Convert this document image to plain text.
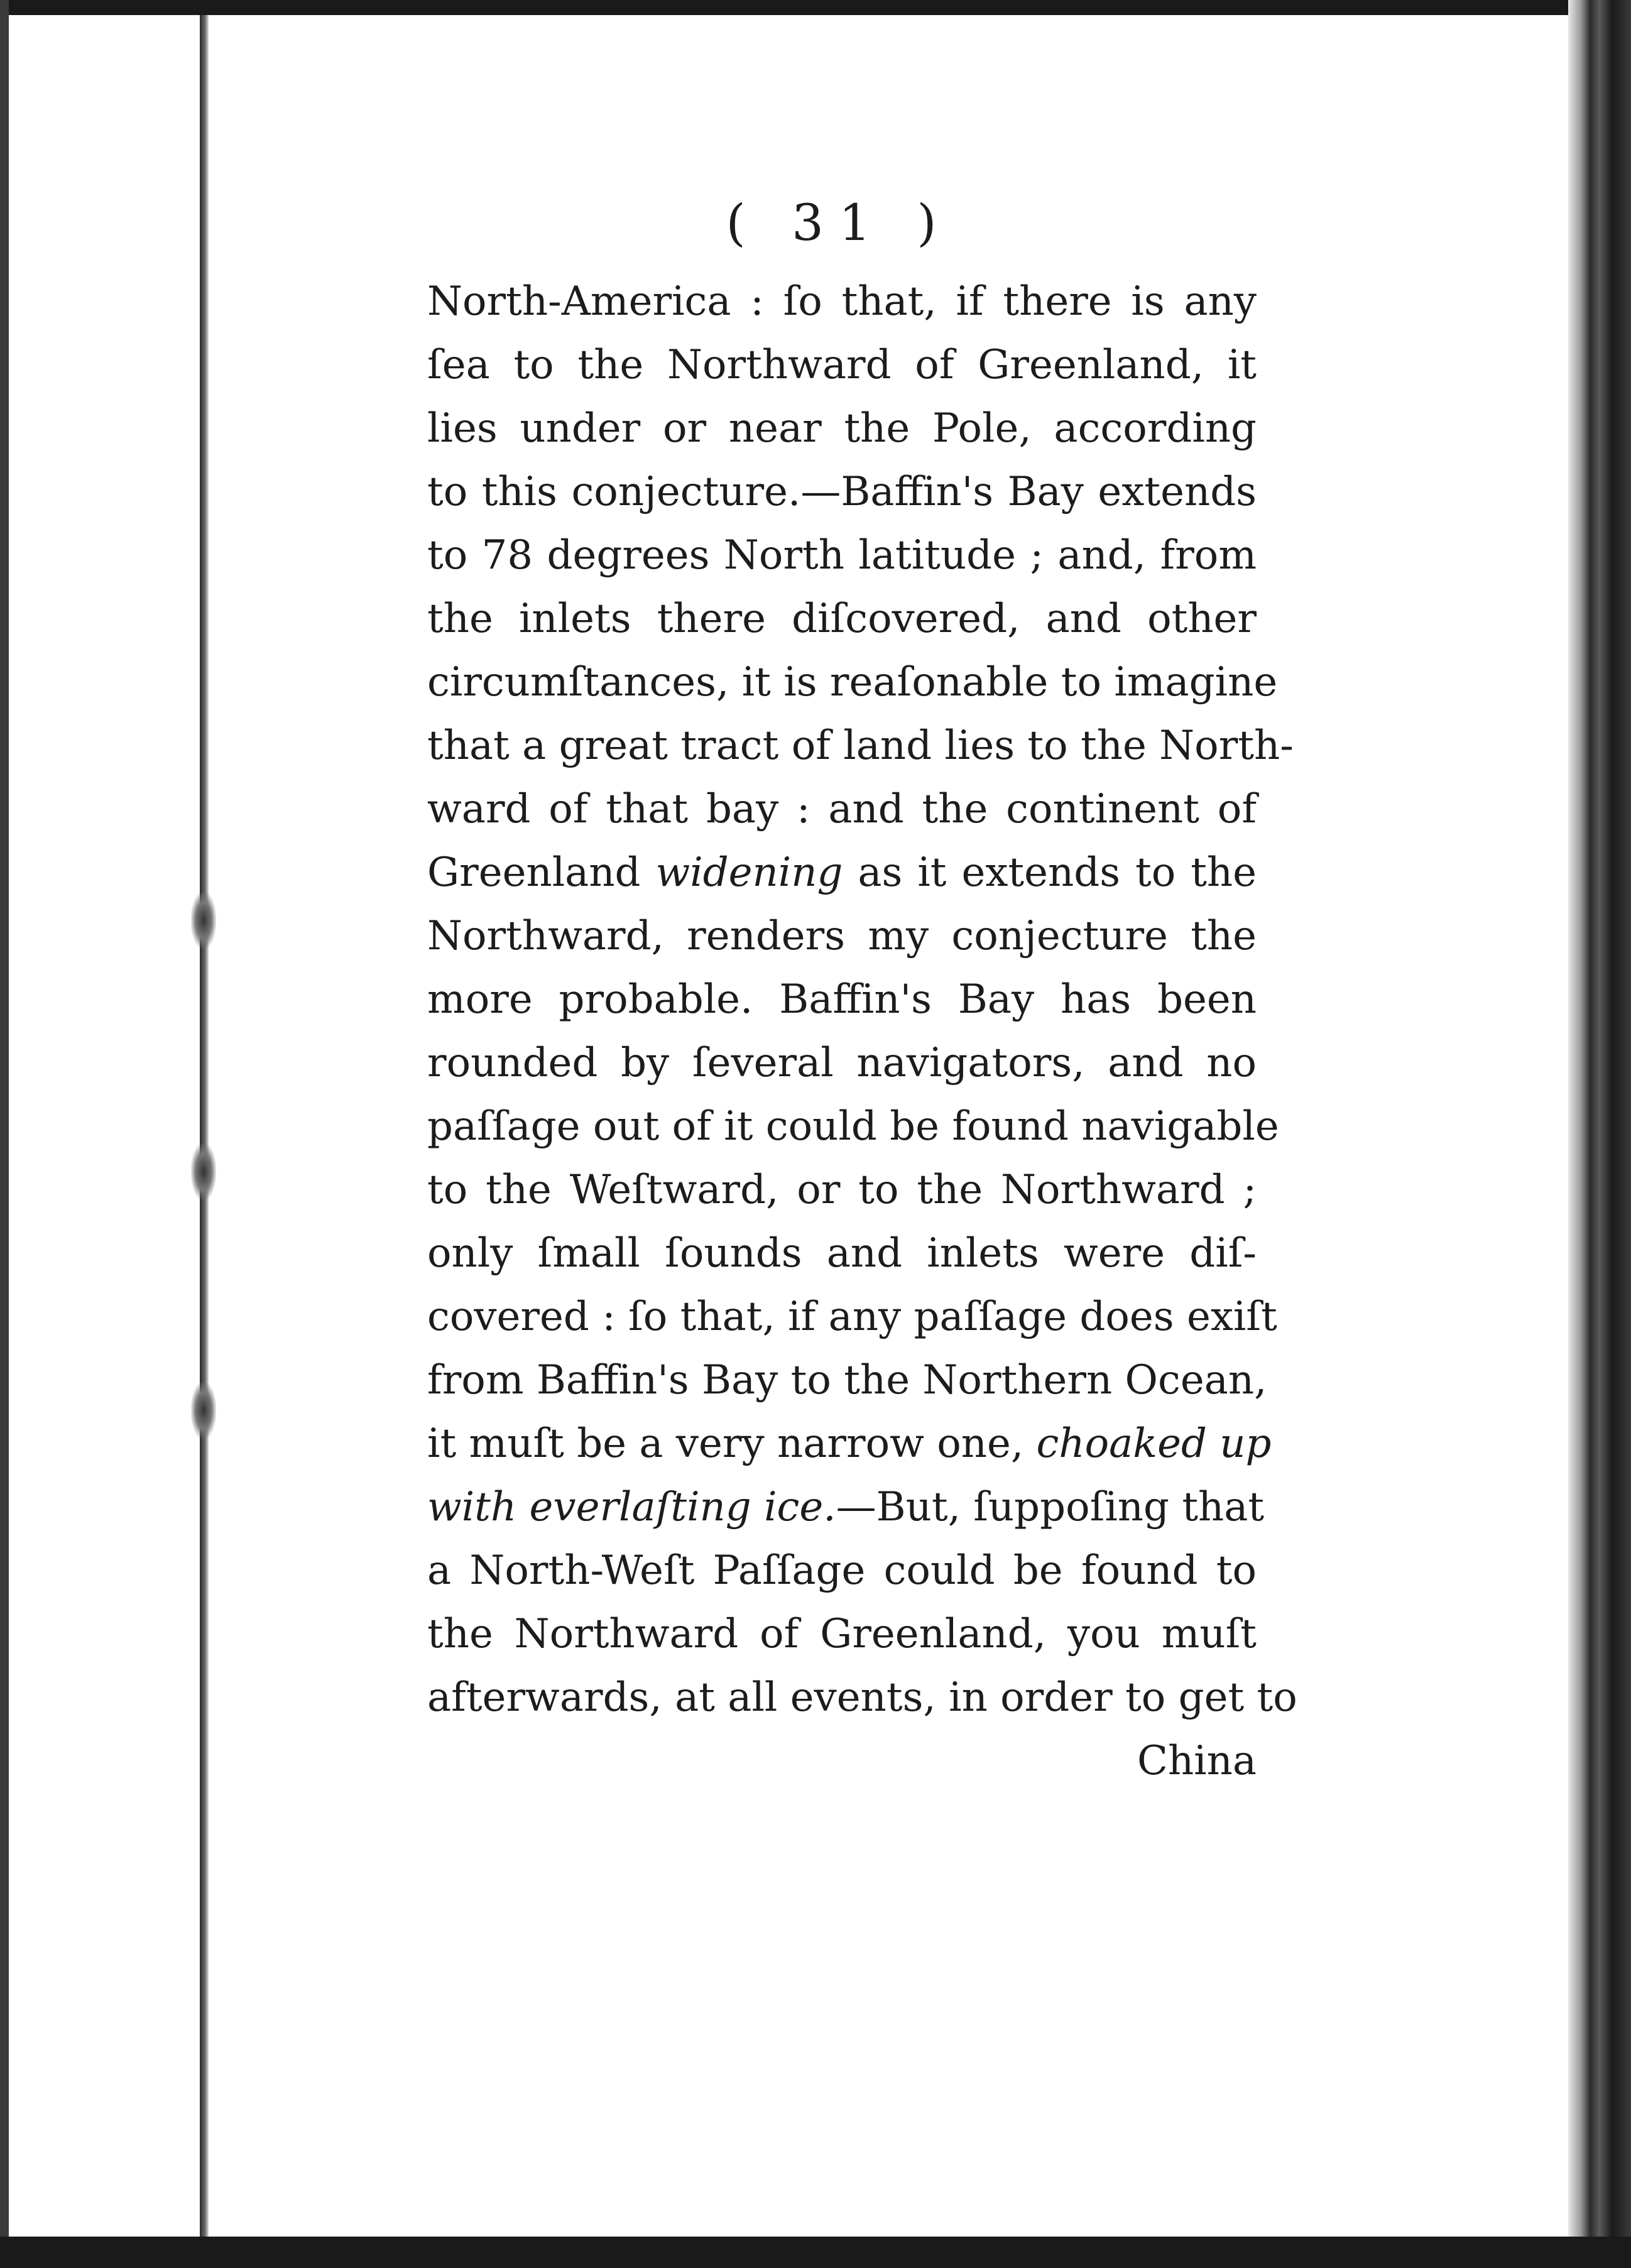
( 31 )
North-America : ſo that, if there is any
ſea to the Northward of Greenland, it
lies under or near the Pole, according
to this conjecture.—Baffin's Bay extends
to 78 degrees North latitude ; and, from
the inlets there diſcovered, and other
circumſtances, it is reaſonable to imagine
that a great tract of land lies to the North-
ward of that bay : and the continent of
Greenland widening as it extends to the
Northward, renders my conjecture the
more probable. Baffin's Bay has been
rounded by ſeveral navigators, and no
paſſage out of it could be found navigable
to the Weſtward, or to the Northward ;
only ſmall ſounds and inlets were diſ-
covered : ſo that, if any paſſage does exiſt
from Baffin's Bay to the Northern Ocean,
it muſt be a very narrow one, choaked up
with everlaſting ice.—But, ſuppoſing that
a North-Weſt Paſſage could be found to
the Northward of Greenland, you muſt
afterwards, at all events, in order to get to
China
